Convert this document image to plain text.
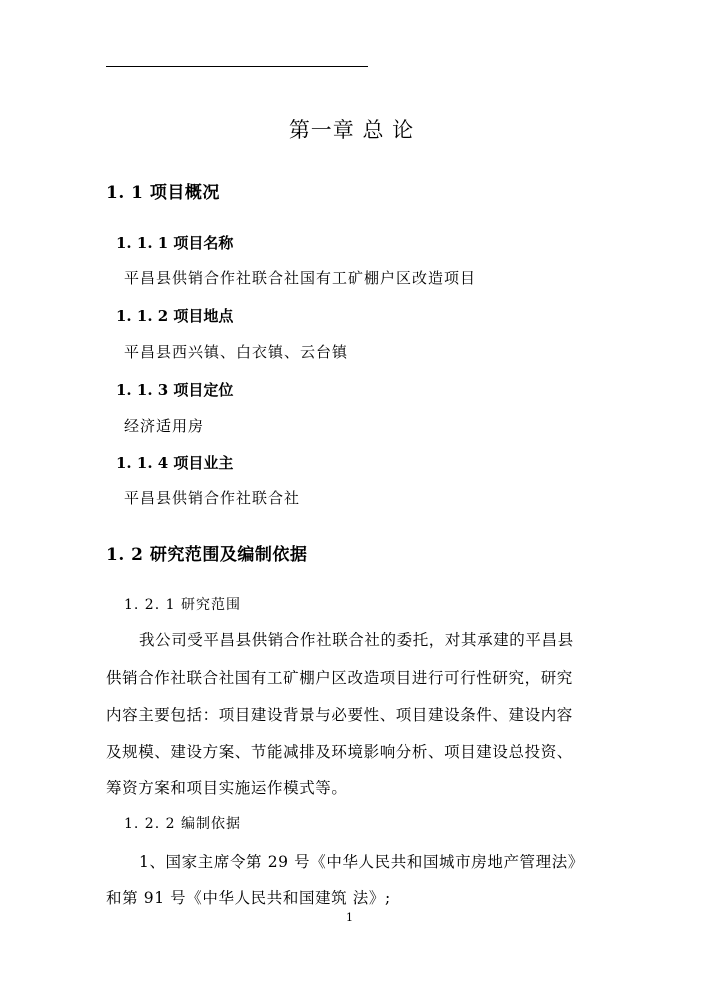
第一章 总 论
1. 1 项目概况
1. 1. 1 项目名称
平昌县供销合作社联合社国有工矿棚户区改造项目
1. 1. 2 项目地点
平昌县西兴镇、白衣镇、云台镇
1. 1. 3 项目定位
经济适用房
1. 1. 4 项目业主
平昌县供销合作社联合社
1. 2 研究范围及编制依据
1. 2. 1 研究范围
我公司受平昌县供销合作社联合社的委托，对其承建的平昌县
供销合作社联合社国有工矿棚户区改造项目进行可行性研究，研究
内容主要包括：项目建设背景与必要性、项目建设条件、建设内容
及规模、建设方案、节能减排及环境影响分析、项目建设总投资、
筹资方案和项目实施运作模式等。
1. 2. 2 编制依据
1、国家主席令第 29 号《中华人民共和国城市房地产管理法》
和第 91 号《中华人民共和国建筑 法》;
1
